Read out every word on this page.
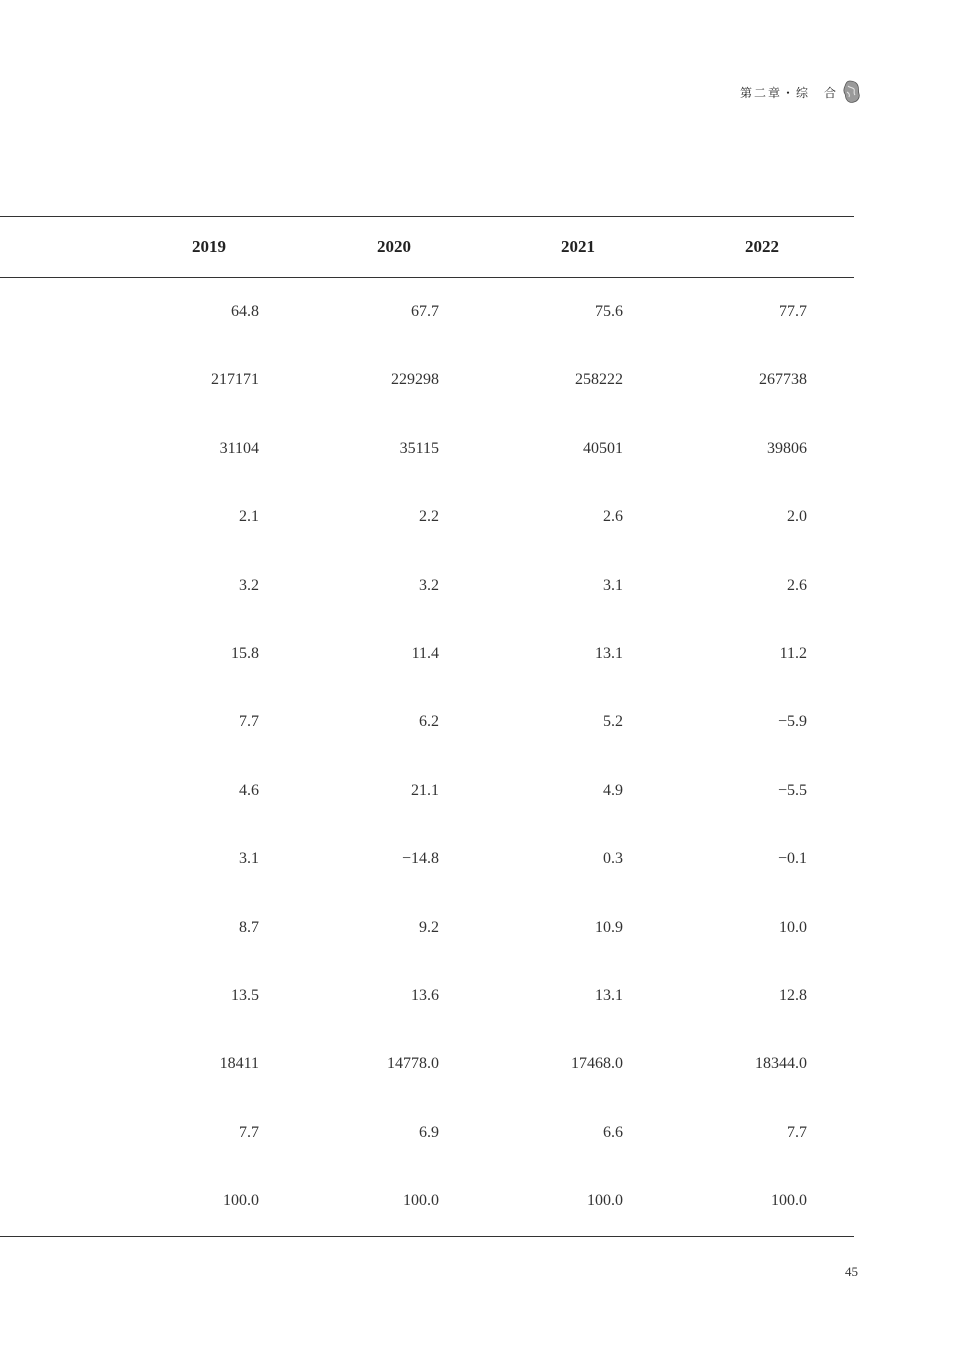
第二章・综　合
2019	2020	2021	2022
64.8	67.7	75.6	77.7
217171	229298	258222	267738
31104	35115	40501	39806
2.1	2.2	2.6	2.0
3.2	3.2	3.1	2.6
15.8	11.4	13.1	11.2
7.7	6.2	5.2	−5.9
4.6	21.1	4.9	−5.5
3.1	−14.8	0.3	−0.1
8.7	9.2	10.9	10.0
13.5	13.6	13.1	12.8
18411	14778.0	17468.0	18344.0
7.7	6.9	6.6	7.7
100.0	100.0	100.0	100.0
45
